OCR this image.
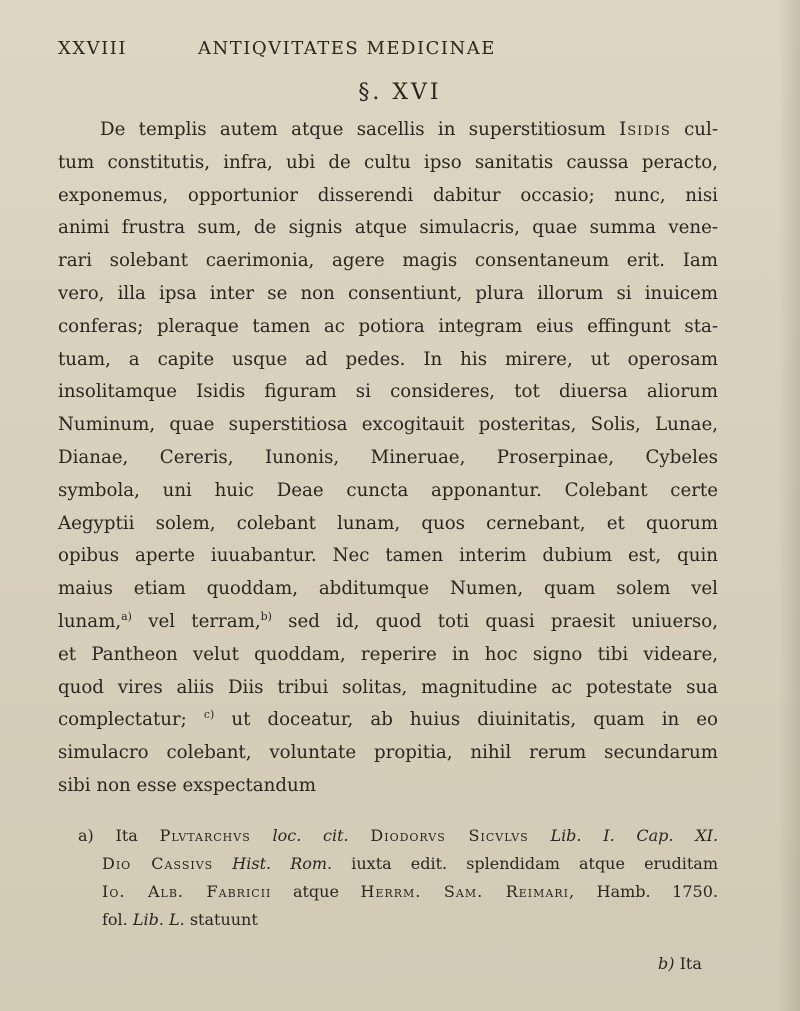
XXVIII	ANTIQVITATES MEDICINAE
§. XVI
De templis autem atque sacellis in superstitiosum Isidis cul-
tum constitutis, infra, ubi de cultu ipso sanitatis caussa peracto,
exponemus, opportunior disserendi dabitur occasio; nunc, nisi
animi frustra sum, de signis atque simulacris, quae summa vene-
rari solebant caerimonia, agere magis consentaneum erit. Iam
vero, illa ipsa inter se non consentiunt, plura illorum si inuicem
conferas; pleraque tamen ac potiora integram eius effingunt sta-
tuam, a capite usque ad pedes. In his mirere, ut operosam
insolitamque Isidis figuram si consideres, tot diuersa aliorum
Numinum, quae superstitiosa excogitauit posteritas, Solis, Lunae,
Dianae, Cereris, Iunonis, Mineruae, Proserpinae, Cybeles
symbola, uni huic Deae cuncta apponantur. Colebant certe
Aegyptii solem, colebant lunam, quos cernebant, et quorum
opibus aperte iuuabantur. Nec tamen interim dubium est, quin
maius etiam quoddam, abditumque Numen, quam solem vel
lunam,$^{a)}$ vel terram,$^{b)}$ sed id, quod toti quasi praesit uniuerso,
et Pantheon velut quoddam, reperire in hoc signo tibi videare,
quod vires aliis Diis tribui solitas, magnitudine ac potestate sua
complectatur; $^{c)}$ ut doceatur, ab huius diuinitatis, quam in eo
simulacro colebant, voluntate propitia, nihil rerum secundarum
sibi non esse exspectandum
a) Ita Plvtarchvs loc. cit. Diodorvs Sicvlvs Lib. I. Cap. XI.
Dio Cassivs Hist. Rom. iuxta edit. splendidam atque eruditam
Io. Alb. Fabricii atque Herrm. Sam. Reimari, Hamb. 1750.
fol. Lib. L. statuunt
b) Ita
